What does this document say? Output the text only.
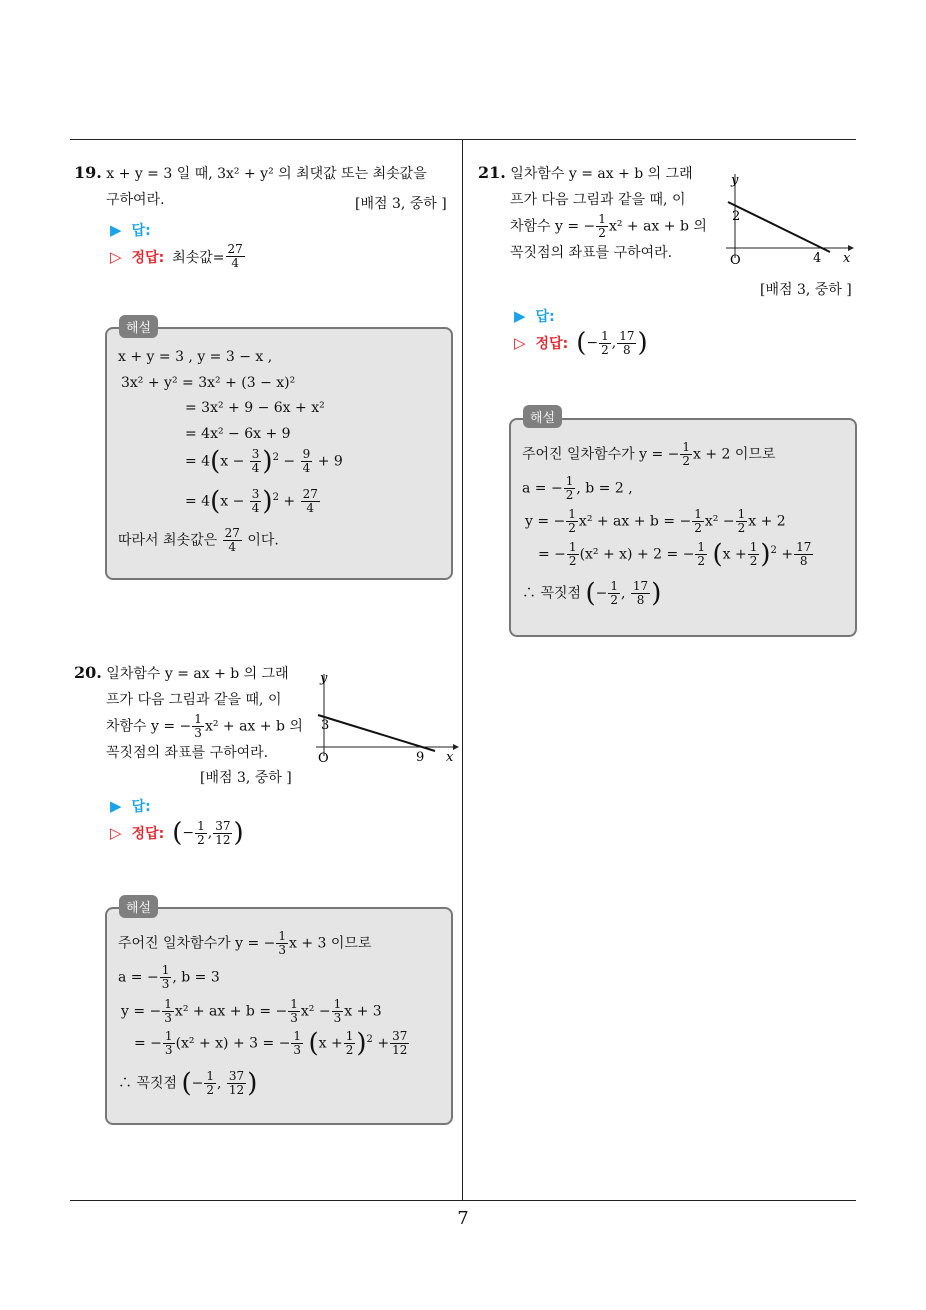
7
19. x + y = 3 일 때, 3x² + y² 의 최댓값 또는 최솟값을
구하여라.	[배점 3, 중하 ]
▶ 답:
▷ 정답: 최솟값= $\frac{27}{4}$
해설
x + y = 3 , y = 3 − x ,
3x² + y² = 3x² + (3 − x)²
= 3x² + 9 − 6x + x²
= 4x² − 6x + 9
= $4(x - \frac{3}{4} )^2 - \frac{9}{4} + 9$
= $4(x - \frac{3}{4} )^2 + \frac{27}{4}$
따라서 최솟값은 $\frac{27}{4}$ 이다.
20. 일차함수 y = ax + b 의 그래
프가 다음 그림과 같을 때, 이
차함수 y = − $\frac{1}{3} x^2$ + ax + b 의
꼭짓점의 좌표를 구하여라.
[배점 3, 중하 ]
y
3
O	9 x
▶ 답:
▷ 정답: ( − $\frac{1}{2}$ , $\frac{37}{12}$ )
해설
주어진 일차함수가 y = − $\frac{1}{3}$ x + 3 이므로
a = − $\frac{1}{3}$ , b = 3
y = − $\frac{1}{3} x^2$ + ax + b = − $\frac{1}{3} x^2 - \frac{1}{3}$ x + 3
= − $\frac{1}{3} (x^2 + x) + 3$ = − $\frac{1}{3} (x + \frac{1}{2} )^2 + \frac{37}{12}$
∴ 꼭짓점 (− $\frac{1}{2}$ , $\frac{37}{12}$ )
21. 일차함수 y = ax + b 의 그래
프가 다음 그림과 같을 때, 이
차함수 y = − $\frac{1}{2} x^2$ + ax + b 의
꼭짓점의 좌표를 구하여라.
[배점 3, 중하 ]
y
2
O	4 x
▶ 답:
▷ 정답: ( − $\frac{1}{2}$ , $\frac{17}{8}$ )
해설
주어진 일차함수가 y = − $\frac{1}{2}$ x + 2 이므로
a = − $\frac{1}{2}$ , b = 2 ,
y = − $\frac{1}{2} x^2$ + ax + b = − $\frac{1}{2} x^2 - \frac{1}{2}$ x + 2
= − $\frac{1}{2} (x^2 + x) + 2$ = − $\frac{1}{2} (x + \frac{1}{2} )^2 + \frac{17}{8}$
∴ 꼭짓점 (− $\frac{1}{2}$ , $\frac{17}{8}$ )
